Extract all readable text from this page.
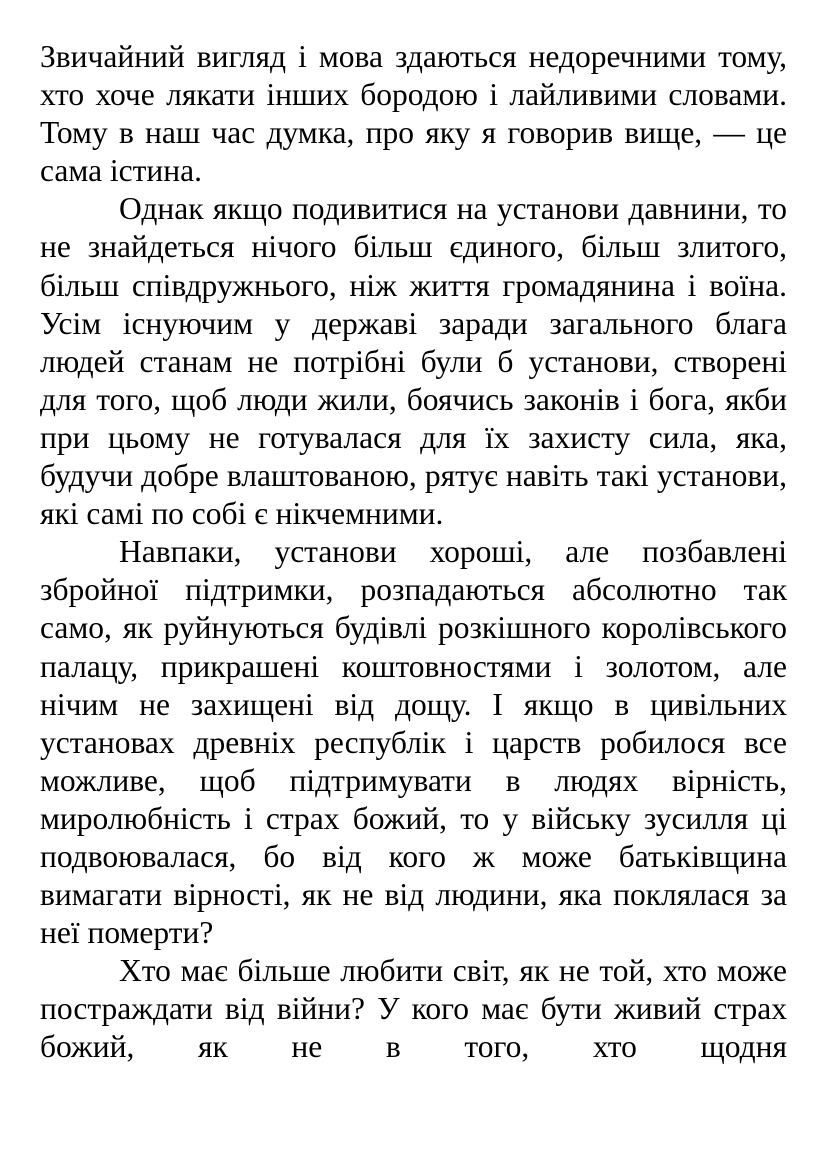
Звичайний вигляд і мова здаються недоречними тому, хто хоче лякати інших бородою і лайливими словами. Тому в наш час думка, про яку я говорив вище, — це сама істина.

Однак якщо подивитися на установи давнини, то не знайдеться нічого більш єдиного, більш злитого, більш співдружнього, ніж життя громадянина і воїна. Усім існуючим у державі заради загального блага людей станам не потрібні були б установи, створені для того, щоб люди жили, боячись законів і бога, якби при цьому не готувалася для їх захисту сила, яка, будучи добре влаштованою, рятує навіть такі установи, які самі по собі є нікчемними.

Навпаки, установи хороші, але позбавлені збройної підтримки, розпадаються абсолютно так само, як руйнуються будівлі розкішного королівського палацу, прикрашені коштовностями і золотом, але нічим не захищені від дощу. І якщо в цивільних установах древніх республік і царств робилося все можливе, щоб підтримувати в людях вірність, миролюбність і страх божий, то у війську зусилля ці подвоювалася, бо від кого ж може батьківщина вимагати вірності, як не від людини, яка поклялася за неї померти?

Хто має більше любити світ, як не той, хто може постраждати від війни? У кого має бути живий страх божий, як не в того, хто щодня
